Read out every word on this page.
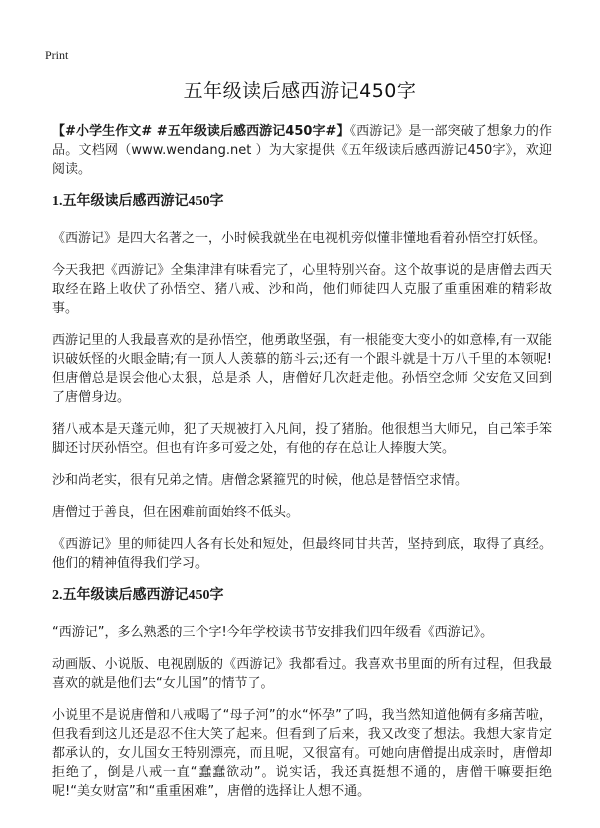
Print
五年级读后感西游记450字

【#小学生作文# #五年级读后感西游记450字#】《西游记》是一部突破了想象力的作品。文档网（www.wendang.net ）为大家提供《五年级读后感西游记450字》，欢迎阅读。

1.五年级读后感西游记450字

《西游记》是四大名著之一，小时候我就坐在电视机旁似懂非懂地看着孙悟空打妖怪。

今天我把《西游记》全集津津有味看完了，心里特别兴奋。这个故事说的是唐僧去西天取经在路上收伏了孙悟空、猪八戒、沙和尚，他们师徒四人克服了重重困难的精彩故事。

西游记里的人我最喜欢的是孙悟空，他勇敢坚强，有一根能变大变小的如意棒,有一双能识破妖怪的火眼金睛;有一顶人人羡慕的筋斗云;还有一个跟斗就是十万八千里的本领呢!但唐僧总是误会他心太狠，总是杀 人，唐僧好几次赶走他。孙悟空念师 父安危又回到了唐僧身边。

猪八戒本是天蓬元帅，犯了天规被打入凡间，投了猪胎。他很想当大师兄，自己笨手笨脚还讨厌孙悟空。但也有许多可爱之处，有他的存在总让人捧腹大笑。

沙和尚老实，很有兄弟之情。唐僧念紧箍咒的时候，他总是替悟空求情。

唐僧过于善良，但在困难前面始终不低头。

《西游记》里的师徒四人各有长处和短处，但最终同甘共苦，坚持到底，取得了真经。他们的精神值得我们学习。

2.五年级读后感西游记450字

“西游记”，多么熟悉的三个字!今年学校读书节安排我们四年级看《西游记》。

动画版、小说版、电视剧版的《西游记》我都看过。我喜欢书里面的所有过程，但我最喜欢的就是他们去“女儿国”的情节了。

小说里不是说唐僧和八戒喝了“母子河”的水“怀孕”了吗，我当然知道他俩有多痛苦啦，但我看到这儿还是忍不住大笑了起来。但看到了后来，我又改变了想法。我想大家肯定都承认的，女儿国女王特别漂亮，而且呢，又很富有。可她向唐僧提出成亲时，唐僧却拒绝了，倒是八戒一直“蠢蠢欲动”。说实话，我还真挺想不通的，唐僧干嘛要拒绝呢!“美女财富”和“重重困难”，唐僧的选择让人想不通。
